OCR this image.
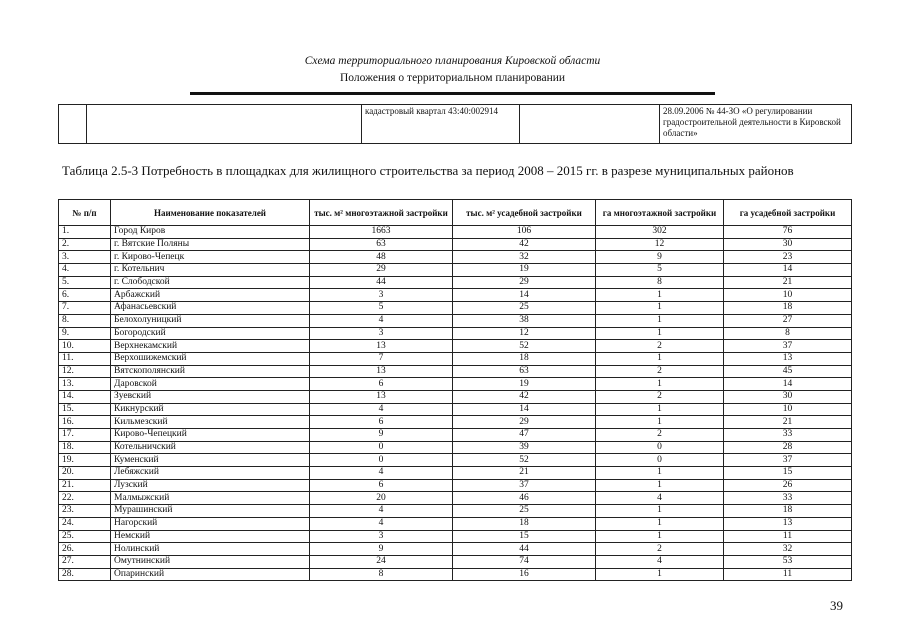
Схема территориального планирования Кировской области
Положения о территориальном планировании
		кадастровый квартал 43:40:002914		28.09.2006 № 44-ЗО «О регулировании градостроительной деятельности в Кировской области»
Таблица 2.5-3 Потребность в площадках для жилищного строительства за период 2008 – 2015 гг. в разрезе муниципальных районов
№ п/п	Наименование показателей	тыс. м² многоэтажной застройки	тыс. м² усадебной застройки	га многоэтажной застройки	га усадебной застройки
1.	Город Киров	1663	106	302	76
2.	г. Вятские Поляны	63	42	12	30
3.	г. Кирово-Чепецк	48	32	9	23
4.	г. Котельнич	29	19	5	14
5.	г. Слободской	44	29	8	21
6.	Арбажский	3	14	1	10
7.	Афанасьевский	5	25	1	18
8.	Белохолуницкий	4	38	1	27
9.	Богородский	3	12	1	8
10.	Верхнекамский	13	52	2	37
11.	Верхошижемский	7	18	1	13
12.	Вятскополянский	13	63	2	45
13.	Даровской	6	19	1	14
14.	Зуевский	13	42	2	30
15.	Кикнурский	4	14	1	10
16.	Кильмезский	6	29	1	21
17.	Кирово-Чепецкий	9	47	2	33
18.	Котельничский	0	39	0	28
19.	Куменский	0	52	0	37
20.	Лебяжский	4	21	1	15
21.	Лузский	6	37	1	26
22.	Малмыжский	20	46	4	33
23.	Мурашинский	4	25	1	18
24.	Нагорский	4	18	1	13
25.	Немский	3	15	1	11
26.	Нолинский	9	44	2	32
27.	Омутнинский	24	74	4	53
28.	Опаринский	8	16	1	11
39
